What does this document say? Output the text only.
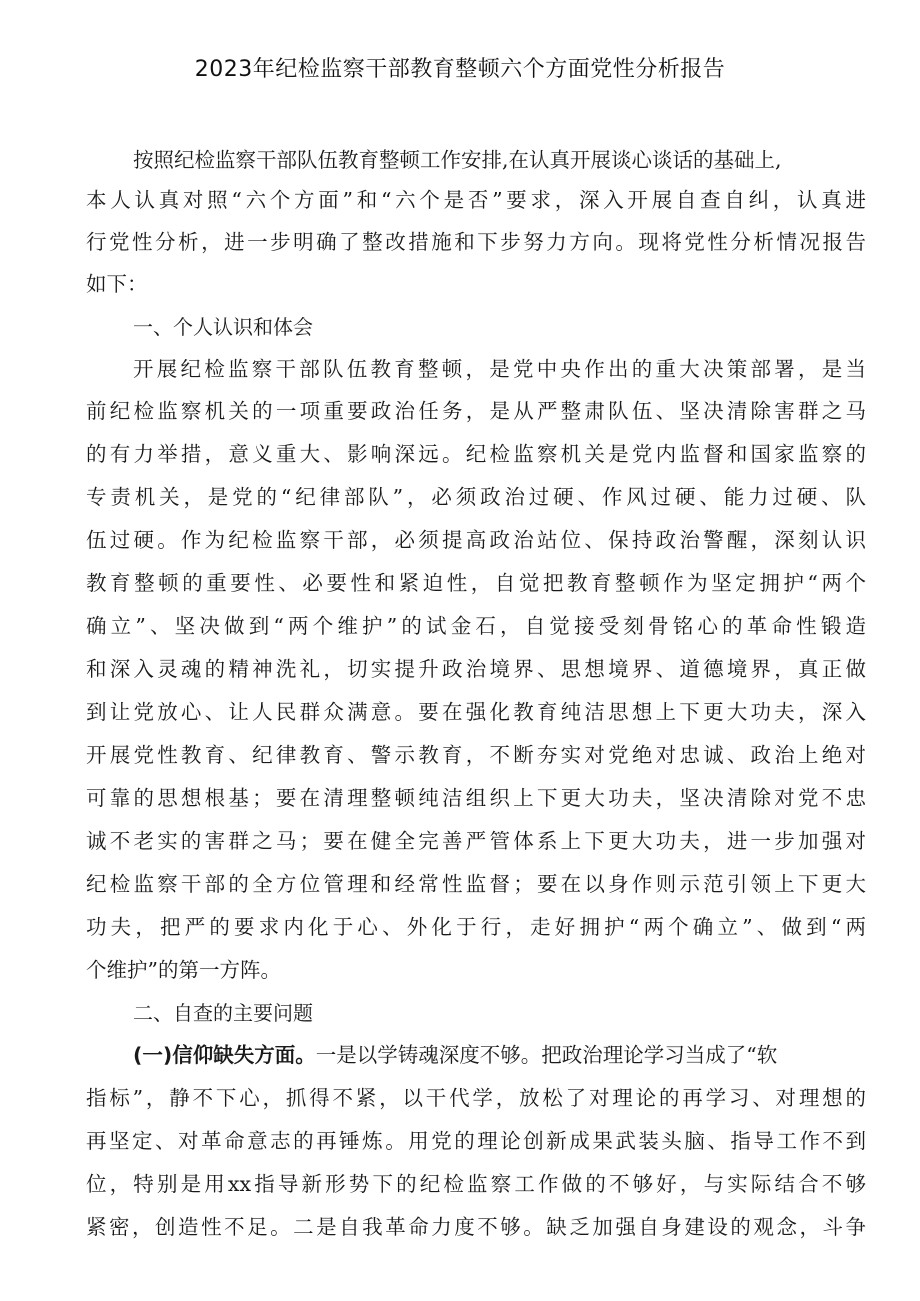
2023年纪检监察干部教育整顿六个方面党性分析报告
按照纪检监察干部队伍教育整顿工作安排,在认真开展谈心谈话的基础上,
本人认真对照“六个方面”和“六个是否”要求，深入开展自查自纠，认真进
行党性分析，进一步明确了整改措施和下步努力方向。现将党性分析情况报告
如下：
一、个人认识和体会
开展纪检监察干部队伍教育整顿，是党中央作出的重大决策部署，是当
前纪检监察机关的一项重要政治任务，是从严整肃队伍、坚决清除害群之马
的有力举措，意义重大、影响深远。纪检监察机关是党内监督和国家监察的
专责机关，是党的“纪律部队”，必须政治过硬、作风过硬、能力过硬、队
伍过硬。作为纪检监察干部，必须提高政治站位、保持政治警醒，深刻认识
教育整顿的重要性、必要性和紧迫性，自觉把教育整顿作为坚定拥护“两个
确立”、坚决做到“两个维护”的试金石，自觉接受刻骨铭心的革命性锻造
和深入灵魂的精神洗礼，切实提升政治境界、思想境界、道德境界，真正做
到让党放心、让人民群众满意。要在强化教育纯洁思想上下更大功夫，深入
开展党性教育、纪律教育、警示教育，不断夯实对党绝对忠诚、政治上绝对
可靠的思想根基；要在清理整顿纯洁组织上下更大功夫，坚决清除对党不忠
诚不老实的害群之马；要在健全完善严管体系上下更大功夫，进一步加强对
纪检监察干部的全方位管理和经常性监督；要在以身作则示范引领上下更大
功夫，把严的要求内化于心、外化于行，走好拥护“两个确立”、做到“两
个维护”的第一方阵。
二、自查的主要问题
(一)信仰缺失方面。一是以学铸魂深度不够。把政治理论学习当成了“软
指标”，静不下心，抓得不紧，以干代学，放松了对理论的再学习、对理想的
再坚定、对革命意志的再锤炼。用党的理论创新成果武装头脑、指导工作不到
位，特别是用xx指导新形势下的纪检监察工作做的不够好，与实际结合不够
紧密，创造性不足。二是自我革命力度不够。缺乏加强自身建设的观念，斗争
